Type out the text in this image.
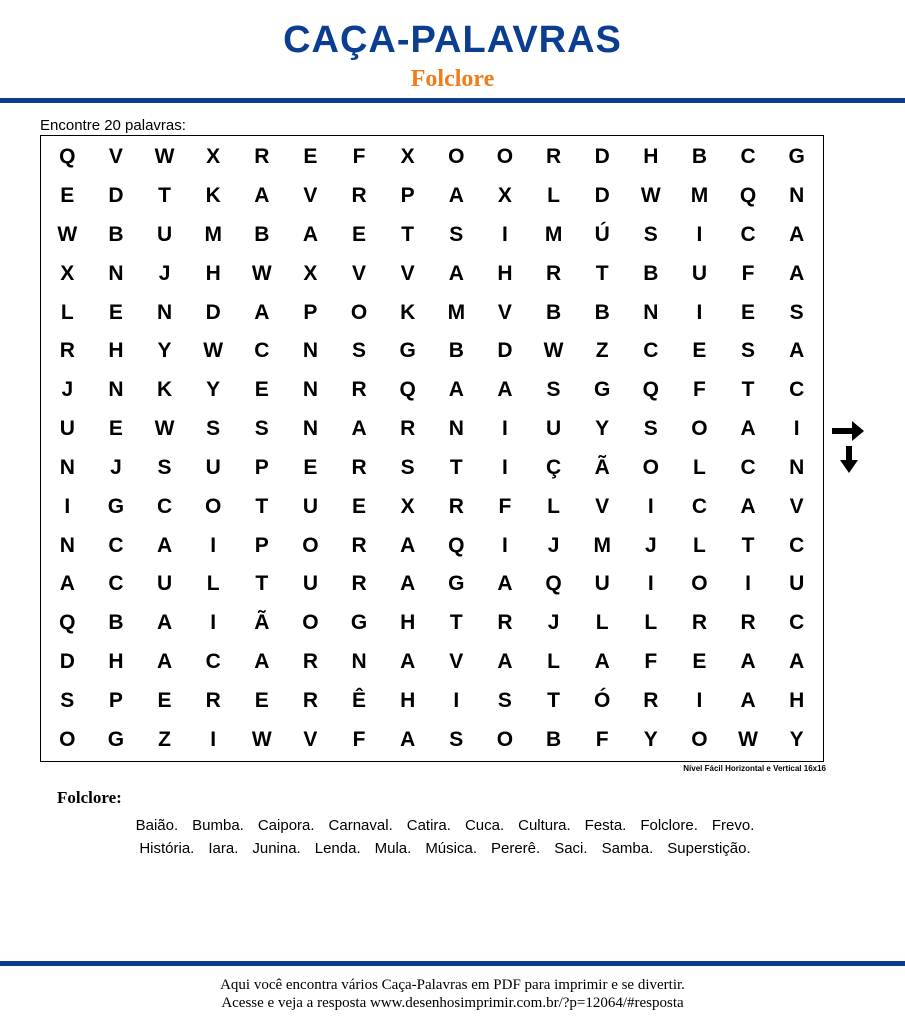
CAÇA-PALAVRAS
Folclore
Encontre 20 palavras:
Q	V	W	X	R	E	F	X	O	O	R	D	H	B	C	G
E	D	T	K	A	V	R	P	A	X	L	D	W	M	Q	N
W	B	U	M	B	A	E	T	S	I	M	Ú	S	I	C	A
X	N	J	H	W	X	V	V	A	H	R	T	B	U	F	A
L	E	N	D	A	P	O	K	M	V	B	B	N	I	E	S
R	H	Y	W	C	N	S	G	B	D	W	Z	C	E	S	A
J	N	K	Y	E	N	R	Q	A	A	S	G	Q	F	T	C
U	E	W	S	S	N	A	R	N	I	U	Y	S	O	A	I
N	J	S	U	P	E	R	S	T	I	Ç	Ã	O	L	C	N
I	G	C	O	T	U	E	X	R	F	L	V	I	C	A	V
N	C	A	I	P	O	R	A	Q	I	J	M	J	L	T	C
A	C	U	L	T	U	R	A	G	A	Q	U	I	O	I	U
Q	B	A	I	Ã	O	G	H	T	R	J	L	L	R	R	C
D	H	A	C	A	R	N	A	V	A	L	A	F	E	A	A
S	P	E	R	E	R	Ê	H	I	S	T	Ó	R	I	A	H
O	G	Z	I	W	V	F	A	S	O	B	F	Y	O	W	Y
Nível Fácil Horizontal e Vertical 16x16
Folclore:
Baião. Bumba. Caipora. Carnaval. Catira. Cuca. Cultura. Festa. Folclore. Frevo.
História. Iara. Junina. Lenda. Mula. Música. Pererê. Saci. Samba. Superstição.
Aqui você encontra vários Caça-Palavras em PDF para imprimir e se divertir.
Acesse e veja a resposta www.desenhosimprimir.com.br/?p=12064/#resposta
